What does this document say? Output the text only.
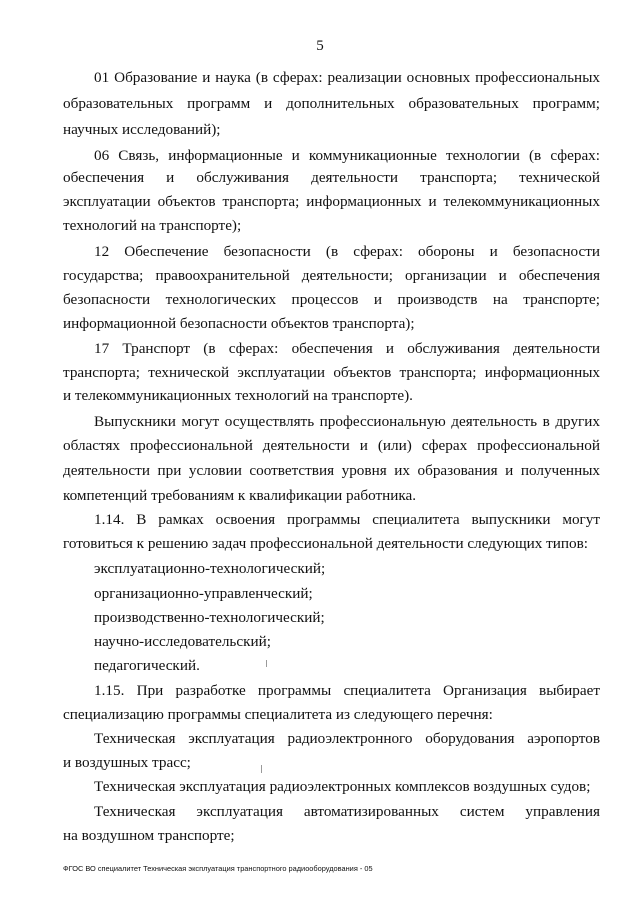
5
01 Образование и наука (в сферах: реализации основных профессиональных
образовательных программ и дополнительных образовательных программ;
научных исследований);
06 Связь, информационные и коммуникационные технологии (в сферах:
обеспечения и обслуживания деятельности транспорта; технической
эксплуатации объектов транспорта; информационных и телекоммуникационных
технологий на транспорте);
12 Обеспечение безопасности (в сферах: обороны и безопасности
государства; правоохранительной деятельности; организации и обеспечения
безопасности технологических процессов и производств на транспорте;
информационной безопасности объектов транспорта);
17 Транспорт (в сферах: обеспечения и обслуживания деятельности
транспорта; технической эксплуатации объектов транспорта; информационных
и телекоммуникационных технологий на транспорте).
Выпускники могут осуществлять профессиональную деятельность в других
областях профессиональной деятельности и (или) сферах профессиональной
деятельности при условии соответствия уровня их образования и полученных
компетенций требованиям к квалификации работника.
1.14. В рамках освоения программы специалитета выпускники могут
готовиться к решению задач профессиональной деятельности следующих типов:
эксплуатационно-технологический;
организационно-управленческий;
производственно-технологический;
научно-исследовательский;
педагогический.
1.15. При разработке программы специалитета Организация выбирает
специализацию программы специалитета из следующего перечня:
Техническая эксплуатация радиоэлектронного оборудования аэропортов
и воздушных трасс;
Техническая эксплуатация радиоэлектронных комплексов воздушных судов;
Техническая эксплуатация автоматизированных систем управления
на воздушном транспорте;
ФГОС ВО специалитет Техническая эксплуатация транспортного радиооборудования - 05
